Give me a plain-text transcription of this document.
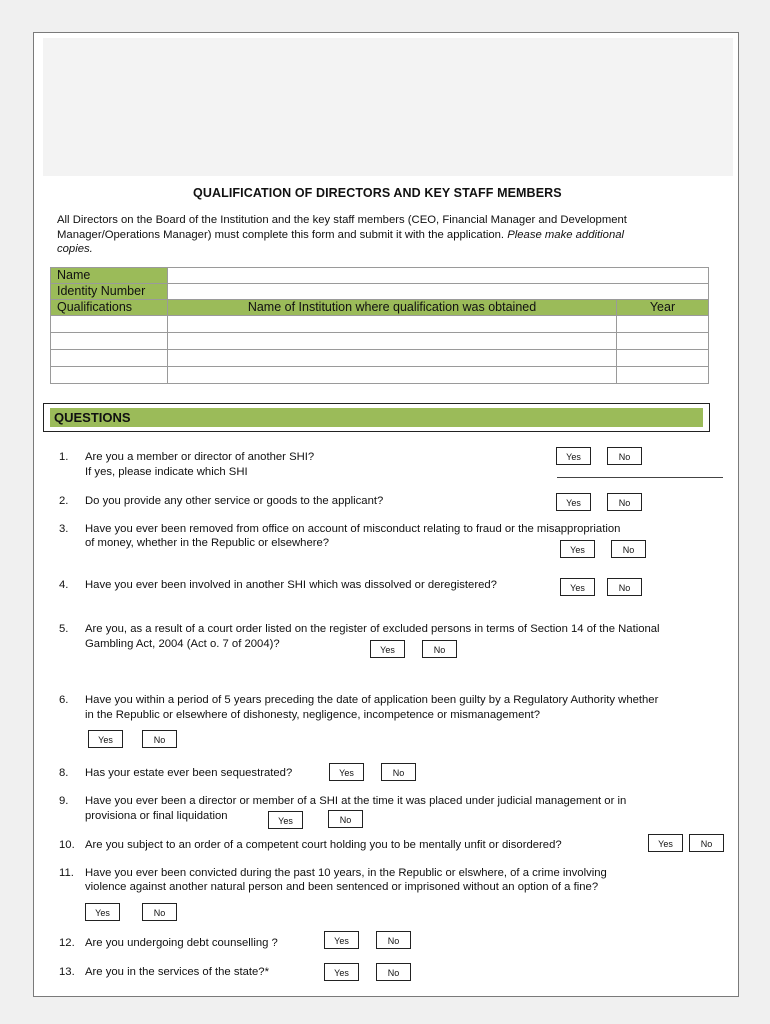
QUALIFICATION OF DIRECTORS AND KEY STAFF MEMBERS
All Directors on the Board of the Institution and the key staff members (CEO, Financial Manager and Development
Manager/Operations Manager) must complete this form and submit it with the application. Please make additional
copies.
Name		
Identity Number		
Qualifications	Name of Institution where qualification was obtained	Year

QUESTIONS
1. Are you a member or director of another SHI?
If yes, please indicate which SHI
Yes	No
2. Do you provide any other service or goods to the applicant?	Yes	No
3. Have you ever been removed from office on account of misconduct relating to fraud or the misappropriation
of money, whether in the Republic or elsewhere?
Yes	No
4. Have you ever been involved in another SHI which was dissolved or deregistered?	Yes	No
5. Are you, as a result of a court order listed on the register of excluded persons in terms of Section 14 of the National
Gambling Act, 2004 (Act o. 7 of 2004)?	Yes	No
6. Have you within a period of 5 years preceding the date of application been guilty by a Regulatory Authority whether
in the Republic or elsewhere of dishonesty, negligence, incompetence or mismanagement?
Yes	No
8. Has your estate ever been sequestrated?	Yes	No
9. Have you ever been a director or member of a SHI at the time it was placed under judicial management or in
provisiona or final liquidation	Yes	No
10. Are you subject to an order of a competent court holding you to be mentally unfit or disordered?	Yes	No
11. Have you ever been convicted during the past 10 years, in the Republic or elswhere, of a crime involving
violence against another natural person and been sentenced or imprisoned without an option of a fine?
Yes	No
12. Are you undergoing debt counselling ?	Yes	No
13. Are you in the services of the state?*	Yes	No
